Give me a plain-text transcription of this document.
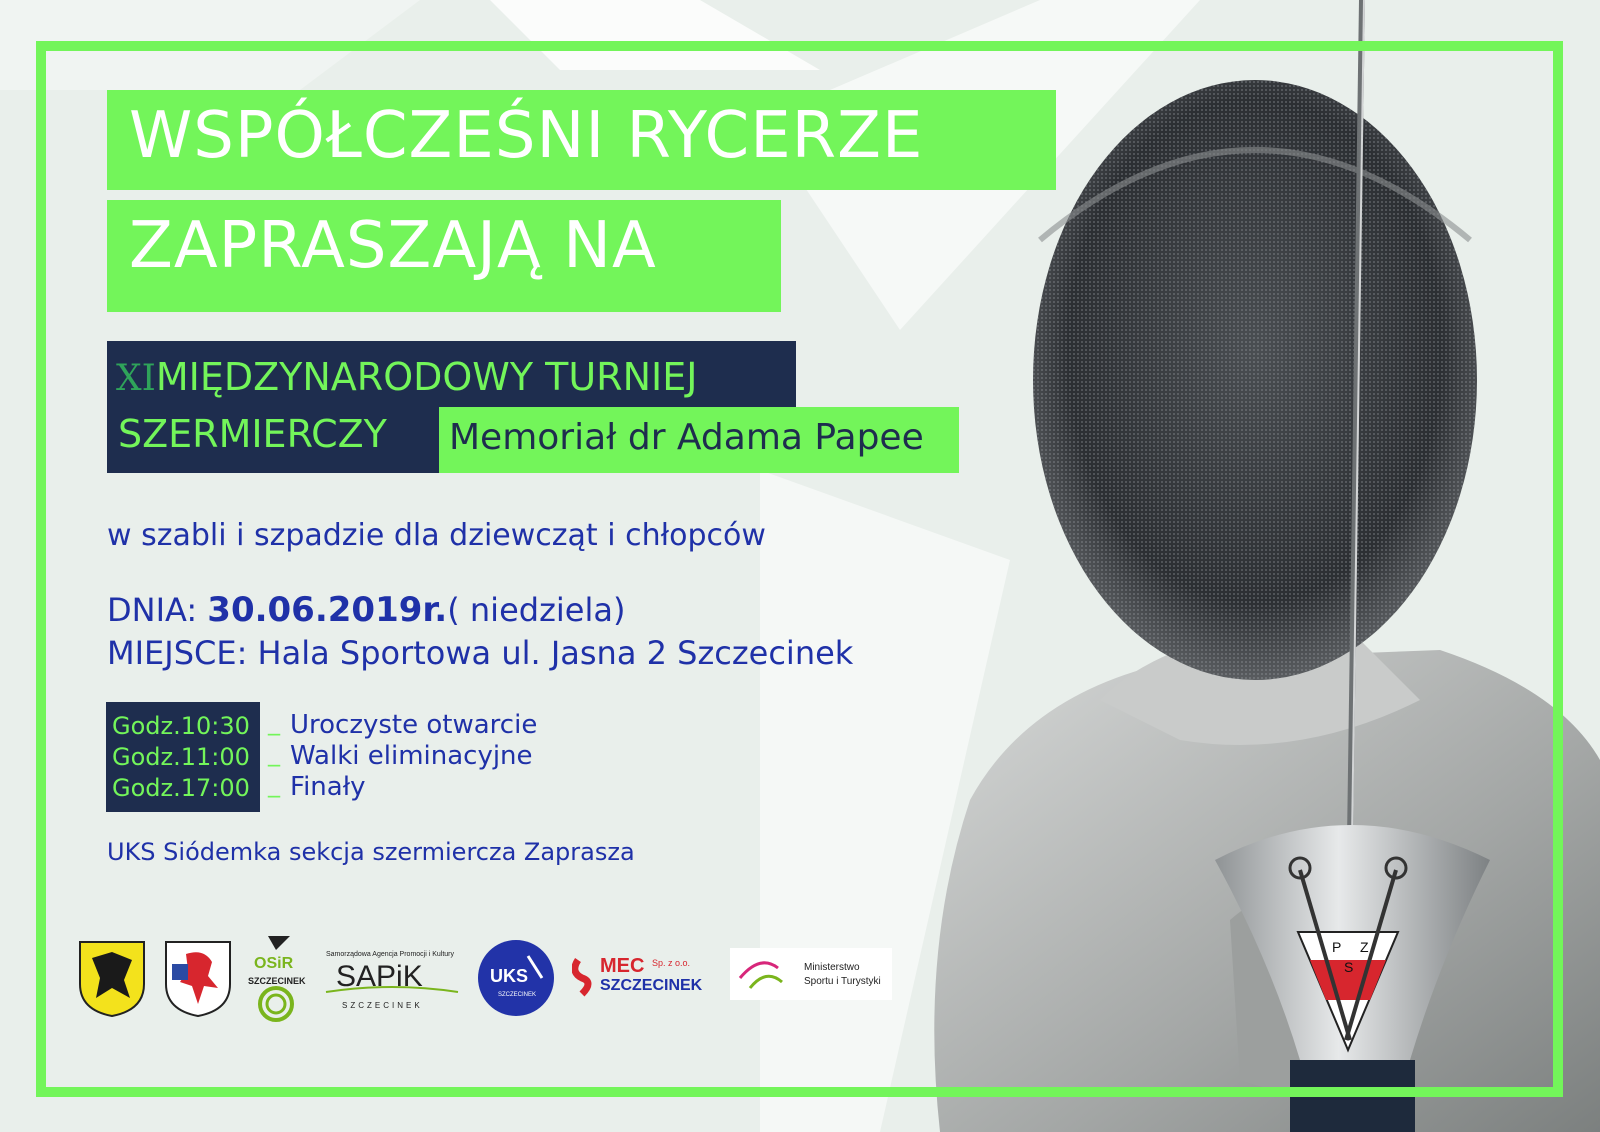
P Z
S
WSPÓŁCZEŚNI RYCERZE
ZAPRASZAJĄ NA
XIMIĘDZYNARODOWY TURNIEJ
SZERMIERCZY Memoriał dr Adama Papee
w szabli i szpadzie dla dziewcząt i chłopców
DNIA: 30.06.2019r.( niedziela)
MIEJSCE: Hala Sportowa ul. Jasna 2 Szczecinek
Godz.10:30 _ Uroczyste otwarcie
Godz.11:00 _ Walki eliminacyjne
Godz.17:00 _ Finały
UKS Siódemka sekcja szermiercza Zaprasza
OSiR
SZCZECINEK
Samorządowa Agencja Promocji i Kultury
SAPiK
SZCZECINEK
UKS
SZCZECINEK
MEC Sp. z o.o.
SZCZECINEK
Ministerstwo
Sportu i Turystyki
